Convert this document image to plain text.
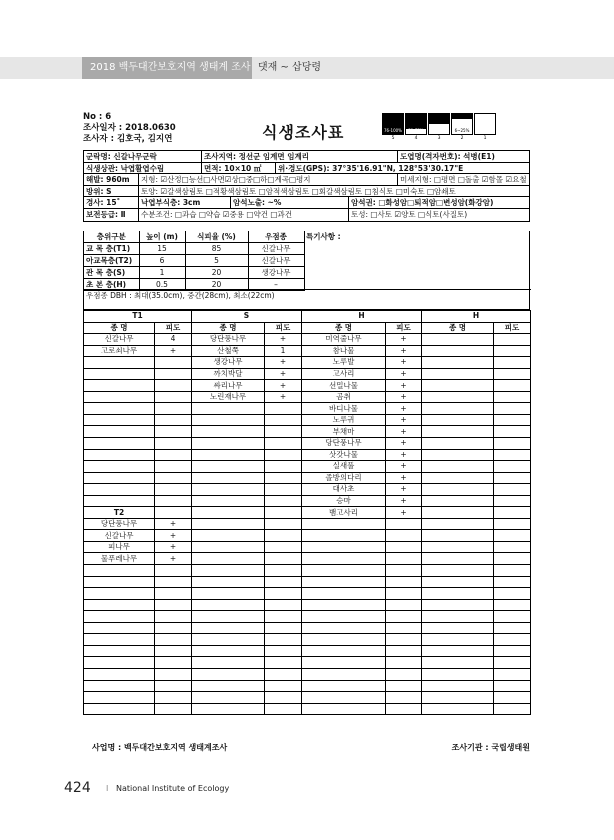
2018 백두대간보호지역 생태계 조사 댓재 ~ 삽당령
No : 6
조사일자 : 2018.0630
조사자 : 김호국, 김지연	식생조사표	76-100%
5
51-75%
4
26-50%
3
6~25%
2
+ r
1
군락명: 신갈나무군락	조사지역: 정선군 임계면 임계리	도엽명(격자번호): 석병(E1)
식생상관: 낙엽활엽수림	면적: 10×10 ㎡	위·경도(GPS): 37°35'16.91"N, 128°53'30.17"E
해발: 960m	지형: ☑산정□능선□사면☑상□중□하□계곡□평지	미세지형: □평면 □돌출 ☑함몰 ☑요철
방위: S	토양: ☑갈색삼림토 □적황색삼림토 □암적색삼림토 □회갈색삼림토 □침식토 □미숙토 □암쇄토
경사: 15˚	낙엽부식층: 3cm	암석노출: ~%	암석권: □화성암□퇴적암□변성암(화강암)
보전등급: Ⅱ	수분조건: □과습 □약습 ☑중용 □약건 □과건	토성: □사토 ☑양토 □식토(사질토)
층위구분	높이 (m)	식피율 (%)	우점종
교 목 층(T1)	15	85	신갈나무
아교목층(T2)	6	5	신갈나무
관 목 층(S)	1	20	생강나무
초 본 층(H)	0.5	20	–
특기사항 :
우점종 DBH : 최대(35.0cm), 중간(28cm), 최소(22cm)
T1		S		H		H	
종 명	피도	종 명	피도	종 명	피도	종 명	피도
신갈나무	4	당단풍나무	+	미역줄나무	+		
고로쇠나무	+	산철쭉	1	참나물	+		
		생강나무	+	노루발	+		
		까치박달	+	고사리	+		
		싸리나무	+	선밀나물	+		
		노린재나무	+	곰취	+		
				바디나물	+		
				노루귀	+		
				부채마	+		
				당단풍나무	+		
				삿갓나물	+		
				실새풀	+		
				졸방의다리	+		
				대사초	+		
				승마	+		
T2				뱀고사리	+		
당단풍나무	+						
신갈나무	+						
피나무	+						
물푸레나무	+						

사업명 : 백두대간보호지역 생태계조사	조사기관 : 국립생태원
424 I National Institute of Ecology
